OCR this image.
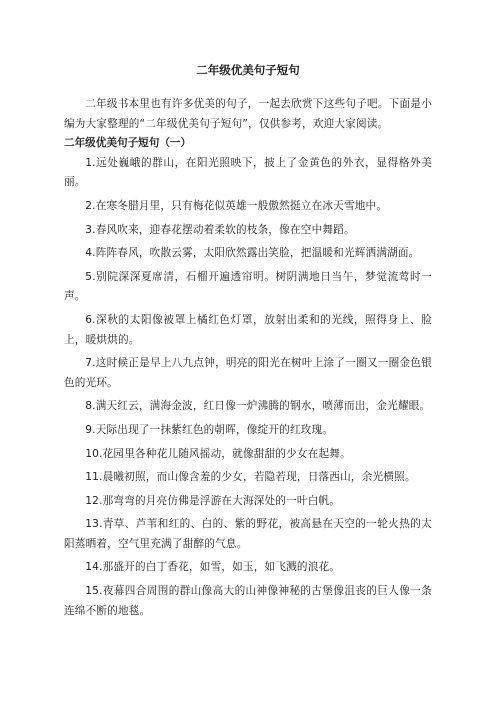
二年级优美句子短句

二年级书本里也有许多优美的句子，一起去欣赏下这些句子吧。下面是小编为大家整理的“二年级优美句子短句”，仅供参考，欢迎大家阅读。

二年级优美句子短句（一）

1.远处巍峨的群山，在阳光照映下，披上了金黄色的外衣，显得格外美丽。

2.在寒冬腊月里，只有梅花似英雄一般傲然挺立在冰天雪地中。

3.春风吹来，迎春花摆动着柔软的枝条，像在空中舞蹈。

4.阵阵春风，吹散云雾，太阳欣然露出笑脸，把温暖和光辉洒满湖面。

5.别院深深夏席清，石榴开遍透帘明。树阴满地日当午，梦觉流莺时一声。

6.深秋的太阳像被罩上橘红色灯罩，放射出柔和的光线，照得身上、脸上，暖烘烘的。

7.这时候正是早上八九点钟，明亮的阳光在树叶上涂了一圈又一圈金色银色的光环。

8.满天红云，满海金波，红日像一炉沸腾的钢水，喷薄而出，金光耀眼。

9.天际出现了一抹紫红色的朝晖，像绽开的红玫瑰。

10.花园里各种花儿随风摇动，就像甜甜的少女在起舞。

11.晨曦初照，而山像含羞的少女，若隐若现，日落西山，余光横照。

12.那弯弯的月亮仿佛是浮游在大海深处的一叶白帆。

13.青草、芦苇和红的、白的、紫的野花，被高悬在天空的一轮火热的太阳蒸晒着，空气里充满了甜醉的气息。

14.那盛开的白丁香花，如雪，如玉，如飞溅的浪花。

15.夜幕四合周围的群山像高大的山神像神秘的古堡像沮丧的巨人像一条连绵不断的地毯。
